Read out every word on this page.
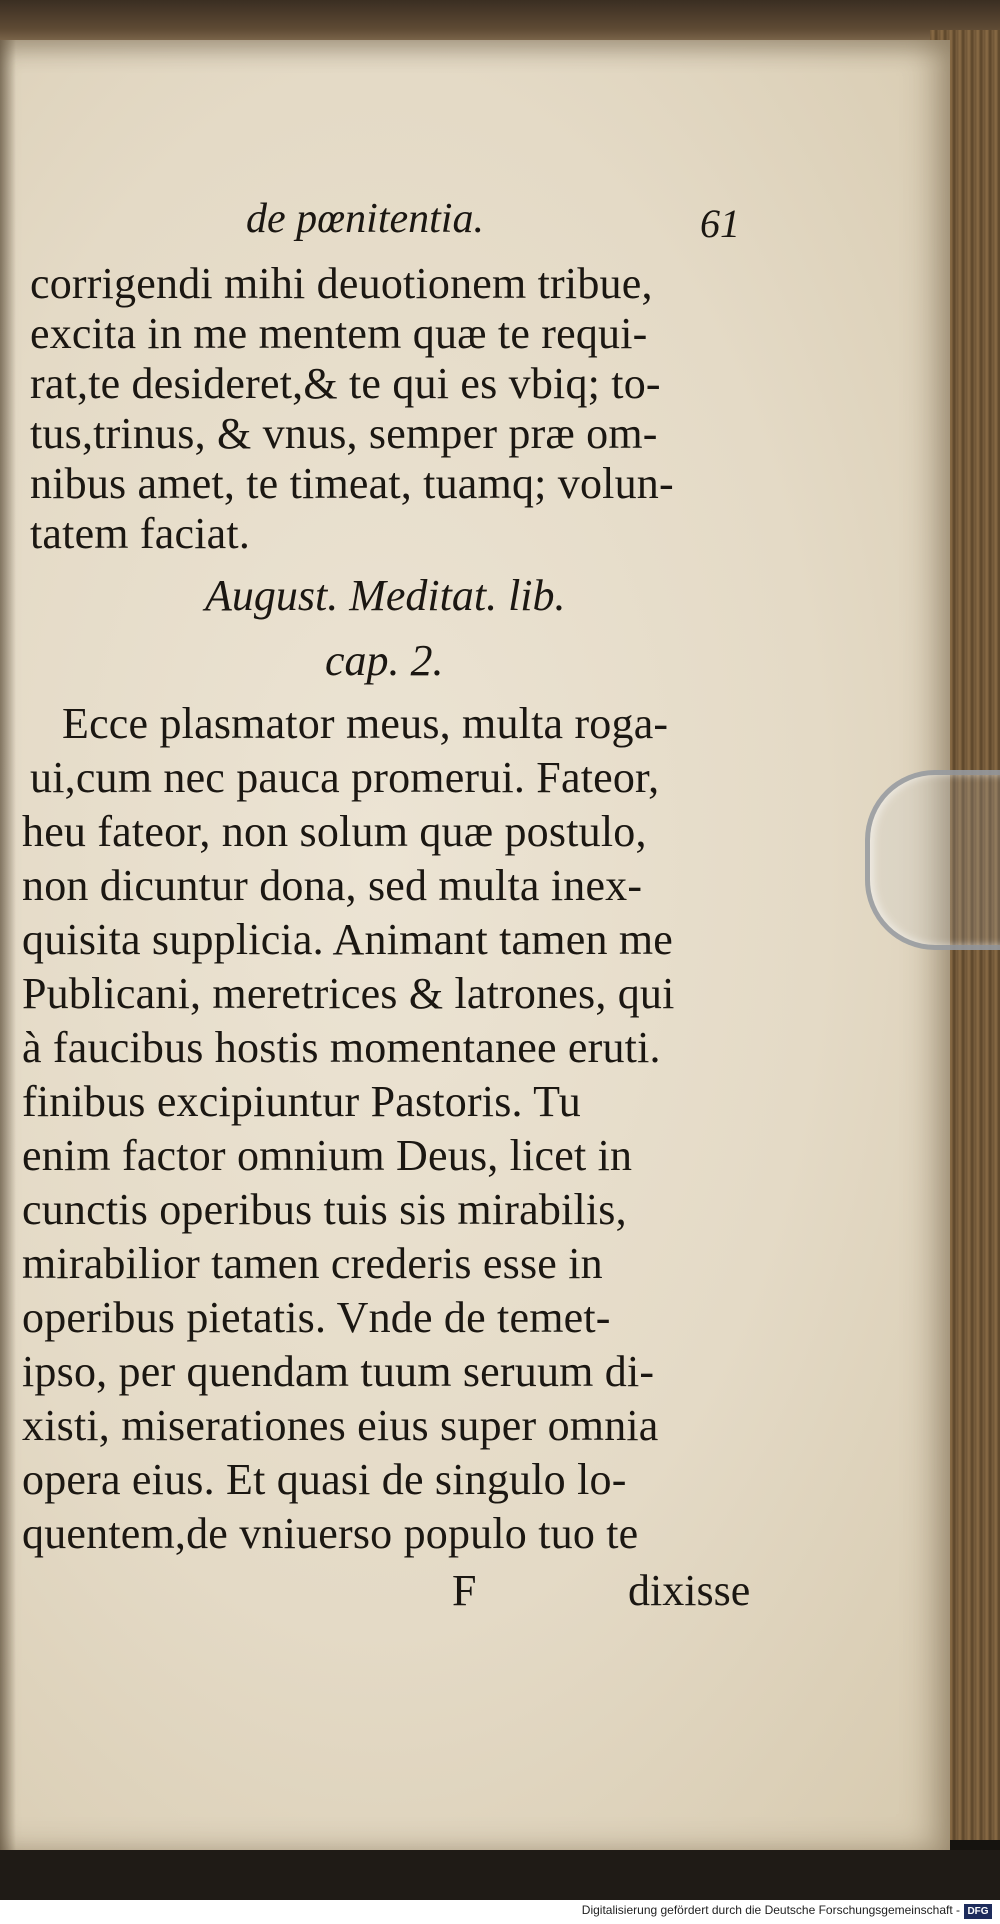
de pœnitentia.	61
corrigendi mihi deuotionem tribue,
excita in me mentem quæ te requi-
rat,te desideret,& te qui es vbiq; to-
tus,trinus, & vnus, semper præ om-
nibus amet, te timeat, tuamq; volun-
tatem faciat.
August. Meditat. lib.
cap. 2.
Ecce plasmator meus, multa roga-
ui,cum nec pauca promerui. Fateor,
heu fateor, non solum quæ postulo,
non dicuntur dona, sed multa inex-
quisita supplicia. Animant tamen me
Publicani, meretrices & latrones, qui
à faucibus hostis momentanee eruti.
finibus excipiuntur Pastoris. Tu
enim factor omnium Deus, licet in
cunctis operibus tuis sis mirabilis,
mirabilior tamen crederis esse in
operibus pietatis. Vnde de temet-
ipso, per quendam tuum seruum di-
xisti, miserationes eius super omnia
opera eius. Et quasi de singulo lo-
quentem,de vniuerso populo tuo te
F	dixisse
Digitalisierung gefördert durch die Deutsche Forschungsgemeinschaft - DFG
